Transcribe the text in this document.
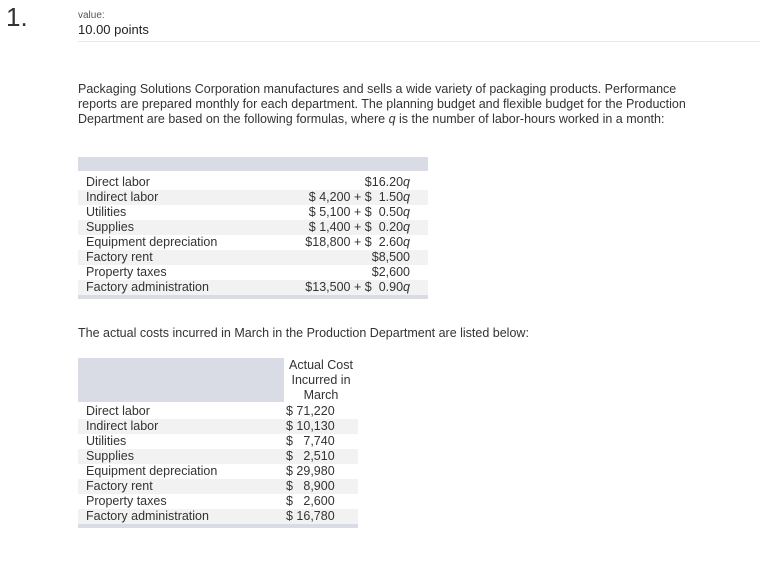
1.	value:
10.00 points

Packaging Solutions Corporation manufactures and sells a wide variety of packaging products. Performance reports are prepared monthly for each department. The planning budget and flexible budget for the Production Department are based on the following formulas, where q is the number of labor-hours worked in a month:

Direct labor	$16.20q
Indirect labor	$ 4,200 + $ 1.50q
Utilities	$ 5,100 + $ 0.50q
Supplies	$ 1,400 + $ 0.20q
Equipment depreciation	$18,800 + $ 2.60q
Factory rent	$8,500
Property taxes	$2,600
Factory administration	$13,500 + $ 0.90q
The actual costs incurred in March in the Production Department are listed below:
Actual Cost
Incurred in
March
Direct labor	$ 71,220
Indirect labor	$ 10,130
Utilities	$   7,740
Supplies	$   2,510
Equipment depreciation	$ 29,980
Factory rent	$   8,900
Property taxes	$   2,600
Factory administration	$ 16,780
